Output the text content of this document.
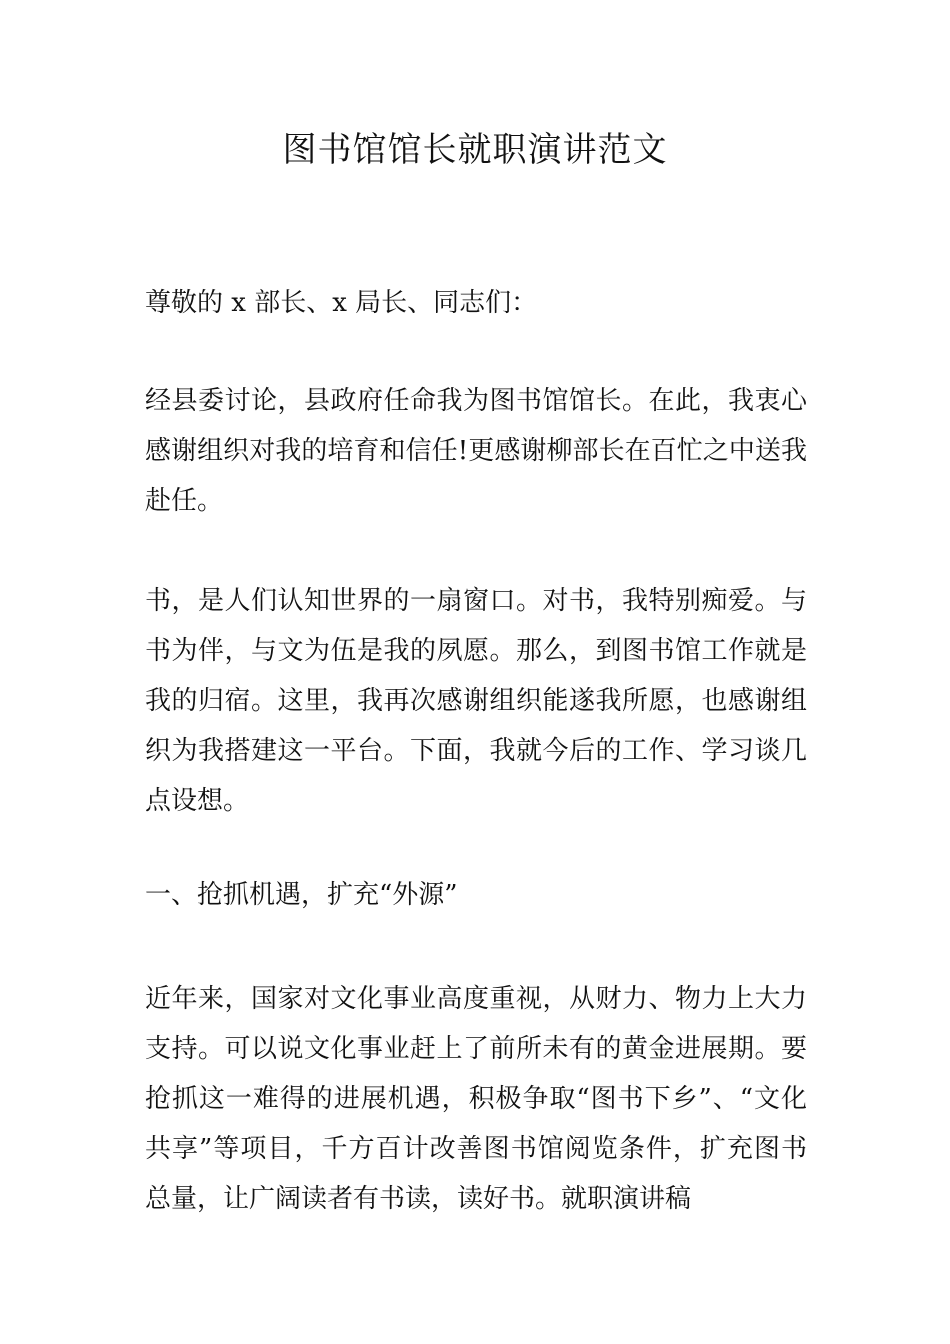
图书馆馆长就职演讲范文

尊敬的 x 部长、x 局长、同志们：

经县委讨论，县政府任命我为图书馆馆长。在此，我衷心感谢组织对我的培育和信任!更感谢柳部长在百忙之中送我赴任。

书，是人们认知世界的一扇窗口。对书，我特别痴爱。与书为伴，与文为伍是我的夙愿。那么，到图书馆工作就是我的归宿。这里，我再次感谢组织能遂我所愿，也感谢组织为我搭建这一平台。下面，我就今后的工作、学习谈几点设想。

一、抢抓机遇，扩充“外源”

近年来，国家对文化事业高度重视，从财力、物力上大力支持。可以说文化事业赶上了前所未有的黄金进展期。要抢抓这一难得的进展机遇，积极争取“图书下乡”、“文化共享”等项目，千方百计改善图书馆阅览条件，扩充图书总量，让广阔读者有书读，读好书。就职演讲稿
